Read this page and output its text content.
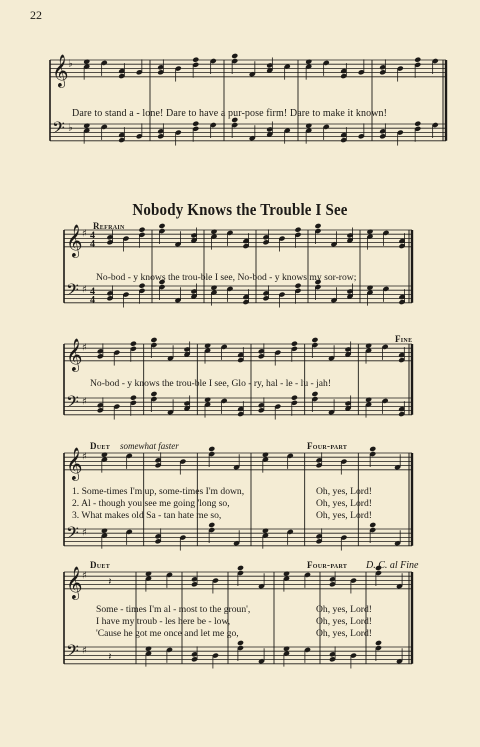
22
𝄞
𝄢
♭
♭
𝄞
𝄢
♯
♯
4
4
4
4
𝄞
𝄢
♯
♯
𝄞
𝄢
♯
♯
𝄞
𝄢
♯
♯
𝄽
𝄽
Dare to stand a - lone! Dare to have a pur-pose firm! Dare to make it known!
Nobody Knows the Trouble I See
Refrain
No-bod - y knows the trou-ble I see, No-bod - y knows my sor-row;
Fine
No-bod - y knows the trou-ble I see, Glo - ry, hal - le - lu - jah!
Duet somewhat faster	Four-part
1. Some-times I'm up, some-times I'm down,	Oh, yes, Lord!
2. Al - though you see me going 'long so,	Oh, yes, Lord!
3. What makes old Sa - tan hate me so,	Oh, yes, Lord!
Duet	Four-part D. C. al Fine
Some - times I'm al - most to the groun',	Oh, yes, Lord!
I have my troub - les here be - low,	Oh, yes, Lord!
'Cause he got me once and let me go,	Oh, yes, Lord!
